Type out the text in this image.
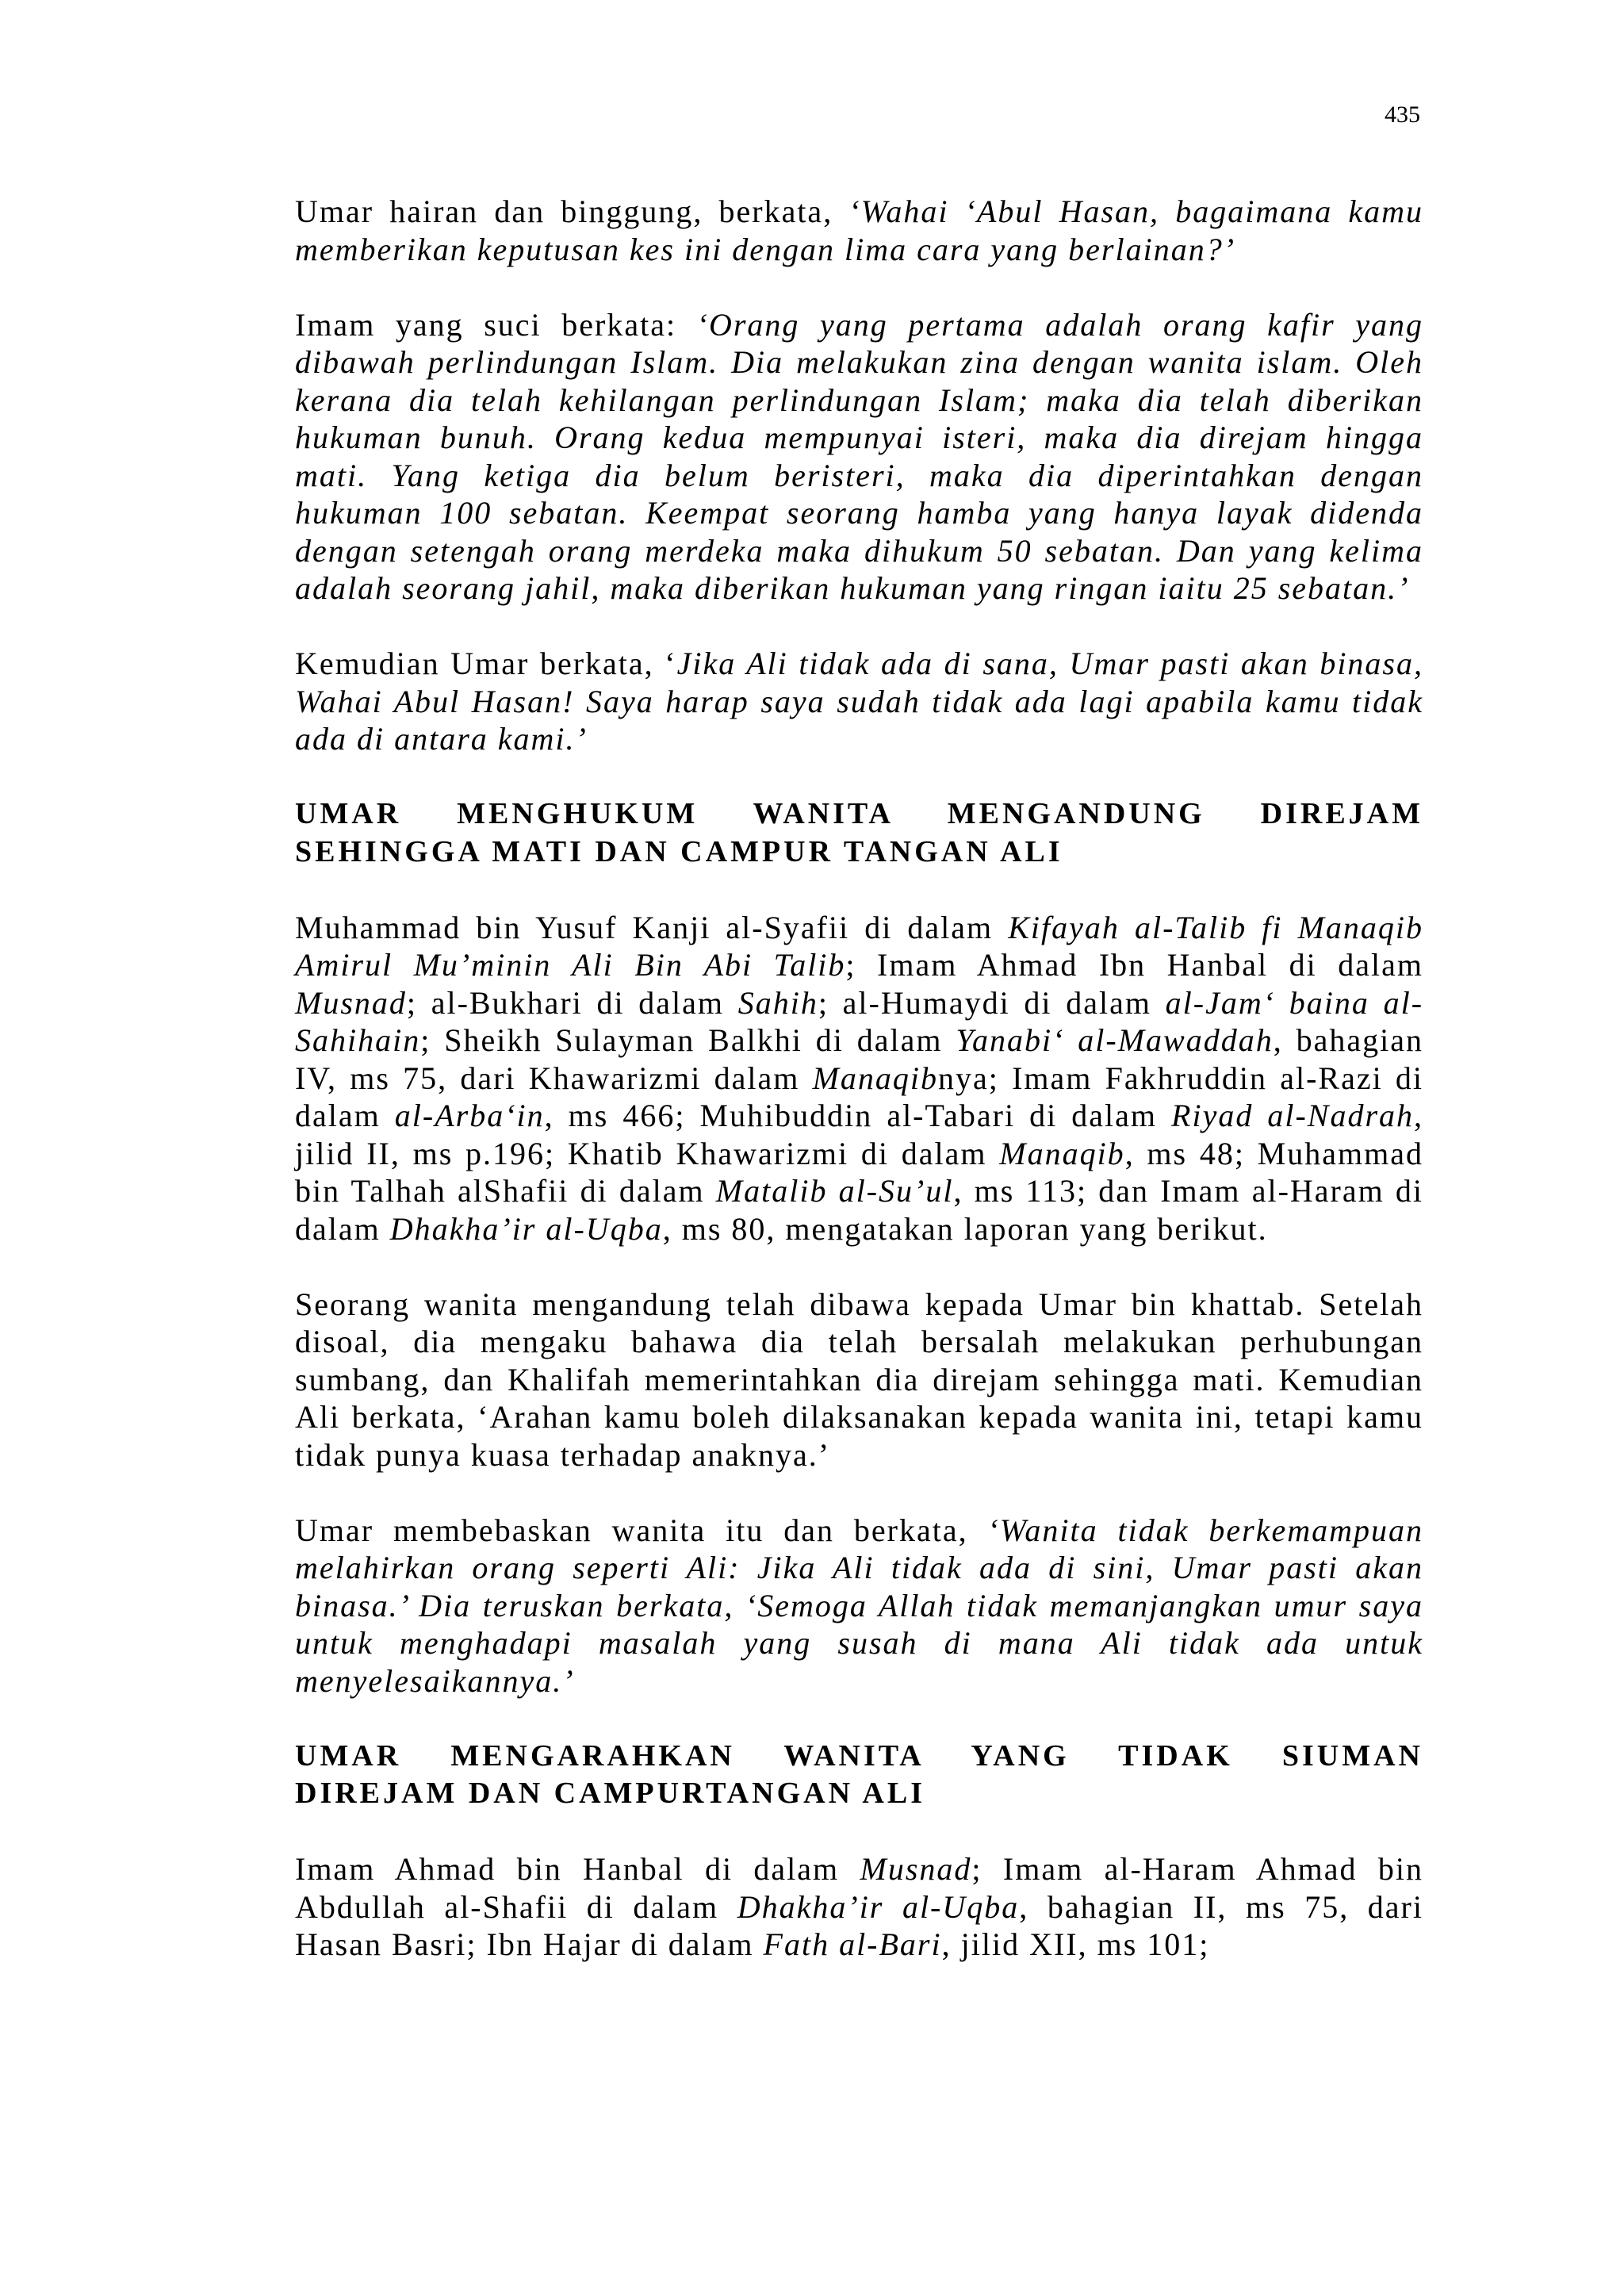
435

Umar hairan dan binggung, berkata, ‘Wahai ‘Abul Hasan, bagaimana kamu memberikan keputusan kes ini dengan lima cara yang berlainan?’

Imam yang suci berkata: ‘Orang yang pertama adalah orang kafir yang dibawah perlindungan Islam. Dia melakukan zina dengan wanita islam. Oleh kerana dia telah kehilangan perlindungan Islam; maka dia telah diberikan hukuman bunuh. Orang kedua mempunyai isteri, maka dia direjam hingga mati. Yang ketiga dia belum beristeri, maka dia diperintahkan dengan hukuman 100 sebatan. Keempat seorang hamba yang hanya layak didenda dengan setengah orang merdeka maka dihukum 50 sebatan. Dan yang kelima adalah seorang jahil, maka diberikan hukuman yang ringan iaitu 25 sebatan.’

Kemudian Umar berkata, ‘Jika Ali tidak ada di sana, Umar pasti akan binasa, Wahai Abul Hasan! Saya harap saya sudah tidak ada lagi apabila kamu tidak ada di antara kami.’

UMAR MENGHUKUM WANITA MENGANDUNG DIREJAM
SEHINGGA MATI DAN CAMPUR TANGAN ALI

Muhammad bin Yusuf Kanji al-Syafii di dalam Kifayah al-Talib fi Manaqib Amirul Mu’minin Ali Bin Abi Talib; Imam Ahmad Ibn Hanbal di dalam Musnad; al-Bukhari di dalam Sahih; al-Humaydi di dalam al-Jam‘ baina al-Sahihain; Sheikh Sulayman Balkhi di dalam Yanabi‘ al-Mawaddah, bahagian IV, ms 75, dari Khawarizmi dalam Manaqibnya; Imam Fakhruddin al-Razi di dalam al-Arba‘in, ms 466; Muhibuddin al-Tabari di dalam Riyad al-Nadrah, jilid II, ms p.196; Khatib Khawarizmi di dalam Manaqib, ms 48; Muhammad bin Talhah alShafii di dalam Matalib al-Su’ul, ms 113; dan Imam al-Haram di dalam Dhakha’ir al-Uqba, ms 80, mengatakan laporan yang berikut.

Seorang wanita mengandung telah dibawa kepada Umar bin khattab. Setelah disoal, dia mengaku bahawa dia telah bersalah melakukan perhubungan sumbang, dan Khalifah memerintahkan dia direjam sehingga mati. Kemudian Ali berkata, ‘Arahan kamu boleh dilaksanakan kepada wanita ini, tetapi kamu tidak punya kuasa terhadap anaknya.’

Umar membebaskan wanita itu dan berkata, ‘Wanita tidak berkemampuan melahirkan orang seperti Ali: Jika Ali tidak ada di sini, Umar pasti akan binasa.’ Dia teruskan berkata, ‘Semoga Allah tidak memanjangkan umur saya untuk menghadapi masalah yang susah di mana Ali tidak ada untuk menyelesaikannya.’

UMAR MENGARAHKAN WANITA YANG TIDAK SIUMAN
DIREJAM DAN CAMPURTANGAN ALI

Imam Ahmad bin Hanbal di dalam Musnad; Imam al-Haram Ahmad bin Abdullah al-Shafii di dalam Dhakha’ir al-Uqba, bahagian II, ms 75, dari Hasan Basri; Ibn Hajar di dalam Fath al-Bari, jilid XII, ms 101;
